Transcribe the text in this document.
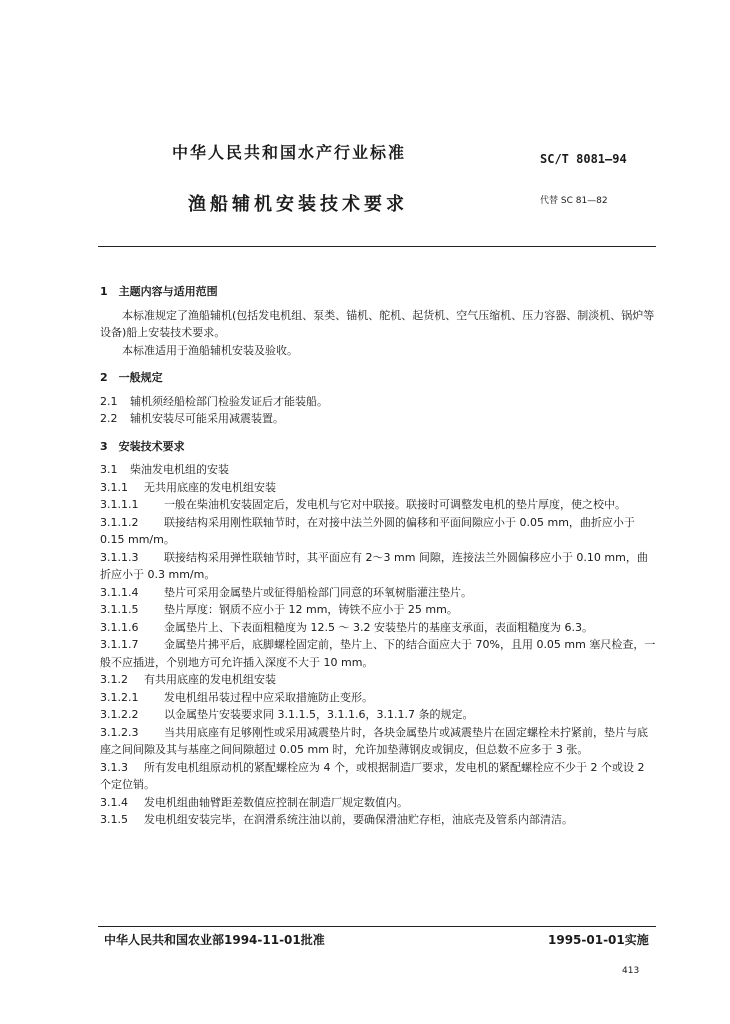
中华人民共和国水产行业标准	SC/T 8081—94
渔船辅机安装技术要求	代替 SC 81—82

1　主题内容与适用范围

本标准规定了渔船辅机(包括发电机组、泵类、锚机、舵机、起货机、空气压缩机、压力容器、制淡机、锅炉等设备)船上安装技术要求。

本标准适用于渔船辅机安装及验收。

2　一般规定

2.1 辅机须经船检部门检验发证后才能装船。

2.2 辅机安装尽可能采用减震装置。

3　安装技术要求

3.1 柴油发电机组的安装

3.1.1 无共用底座的发电机组安装

3.1.1.1 一般在柴油机安装固定后，发电机与它对中联接。联接时可调整发电机的垫片厚度，使之校中。

3.1.1.2 联接结构采用刚性联轴节时，在对接中法兰外圆的偏移和平面间隙应小于 0.05 mm，曲折应小于 0.15 mm/m。

3.1.1.3 联接结构采用弹性联轴节时，其平面应有 2～3 mm 间隙，连接法兰外圆偏移应小于 0.10 mm，曲折应小于 0.3 mm/m。

3.1.1.4 垫片可采用金属垫片或征得船检部门同意的环氧树脂灌注垫片。

3.1.1.5 垫片厚度：钢质不应小于 12 mm，铸铁不应小于 25 mm。

3.1.1.6 金属垫片上、下表面粗糙度为 12.5 ～ 3.2 安装垫片的基座支承面，表面粗糙度为 6.3。

3.1.1.7 金属垫片拂平后，底脚螺栓固定前，垫片上、下的结合面应大于 70%，且用 0.05 mm 塞尺检查，一般不应插进，个别地方可允许插入深度不大于 10 mm。

3.1.2 有共用底座的发电机组安装

3.1.2.1 发电机组吊装过程中应采取措施防止变形。

3.1.2.2 以金属垫片安装要求同 3.1.1.5，3.1.1.6，3.1.1.7 条的规定。

3.1.2.3 当共用底座有足够刚性或采用减震垫片时，各块金属垫片或减震垫片在固定螺栓未拧紧前，垫片与底座之间间隙及其与基座之间间隙超过 0.05 mm 时，允许加垫薄钢皮或铜皮，但总数不应多于 3 张。

3.1.3 所有发电机组原动机的紧配螺栓应为 4 个，或根据制造厂要求，发电机的紧配螺栓应不少于 2 个或设 2 个定位销。

3.1.4 发电机组曲轴臂距差数值应控制在制造厂规定数值内。

3.1.5 发电机组安装完毕，在润滑系统注油以前，要确保滑油贮存柜，油底壳及管系内部清洁。

中华人民共和国农业部1994-11-01批准	1995-01-01实施
413
